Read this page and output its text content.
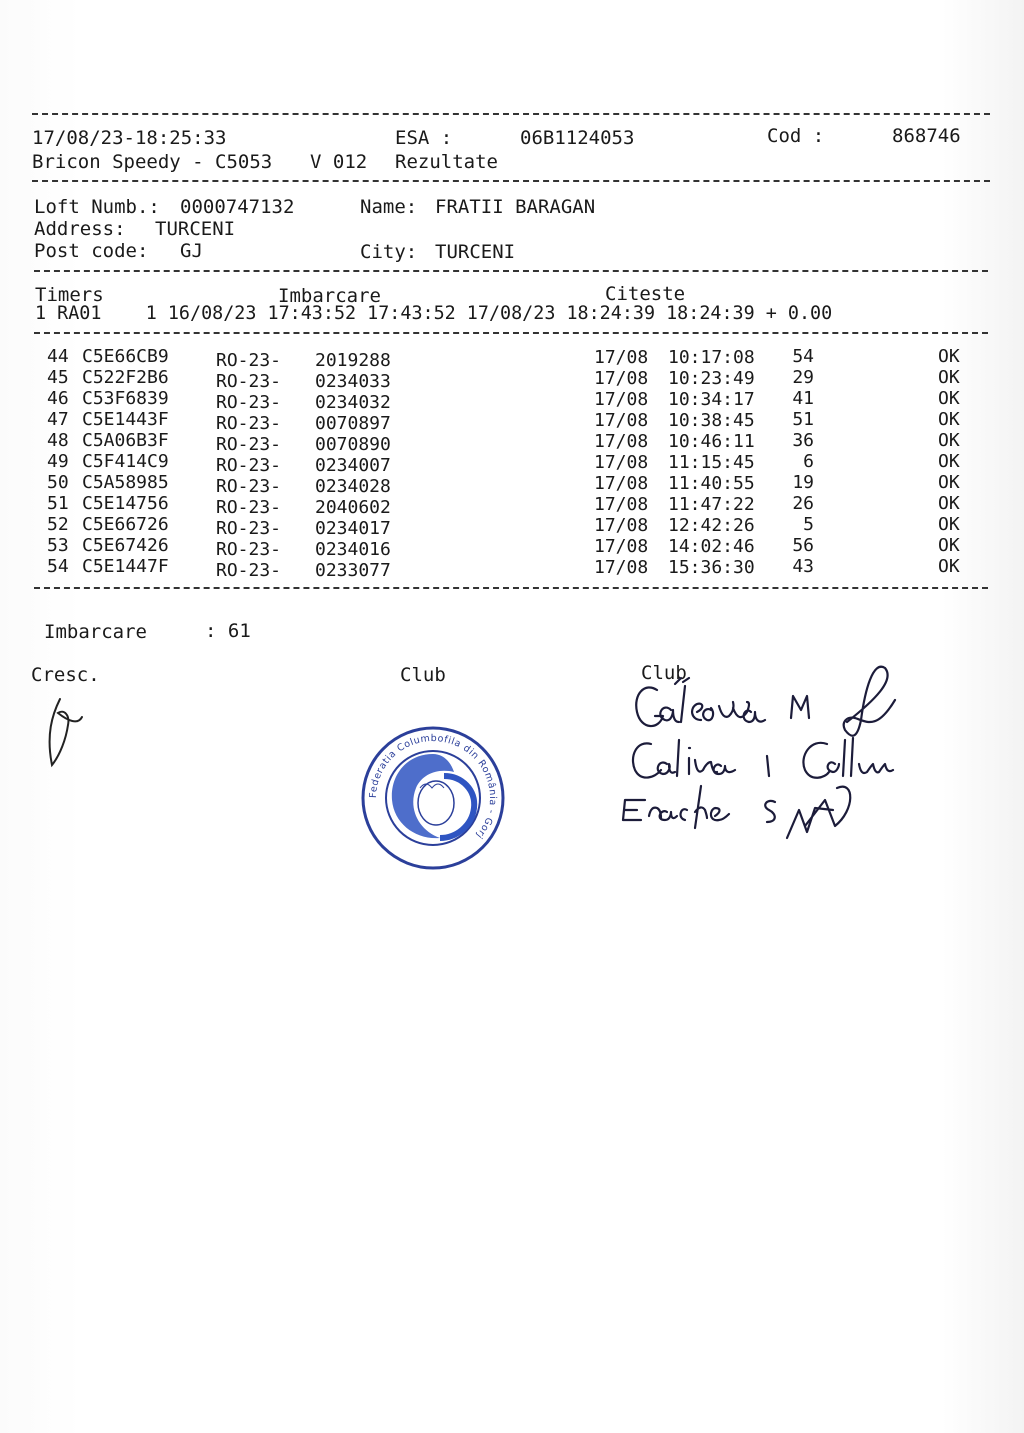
17/08/23-18:25:33	ESA :	06B1124053	Cod :	868746
Bricon Speedy - C5053 V 012 Rezultate
Loft Numb.: 0000747132	Name: FRATII BARAGAN
Address: TURCENI
Post code: GJ	City: TURCENI
Timers	Imbarcare	Citeste
1 RA01    1 16/08/23 17:43:52 17:43:52 17/08/23 18:24:39 18:24:39 + 0.00
44 C5E66CB9	RO-23- 2019288	17/08 10:17:08 54	OK
45 C522F2B6	RO-23- 0234033	17/08 10:23:49 29	OK
46 C53F6839	RO-23- 0234032	17/08 10:34:17 41	OK
47 C5E1443F	RO-23- 0070897	17/08 10:38:45 51	OK
48 C5A06B3F	RO-23- 0070890	17/08 10:46:11 36	OK
49 C5F414C9	RO-23- 0234007	17/08 11:15:45	6	OK
50 C5A58985	RO-23- 0234028	17/08 11:40:55 19	OK
51 C5E14756	RO-23- 2040602	17/08 11:47:22 26	OK
52 C5E66726	RO-23- 0234017	17/08 12:42:26	5	OK
53 C5E67426	RO-23- 0234016	17/08 14:02:46 56	OK
54 C5E1447F	RO-23- 0233077	17/08 15:36:30 43	OK
Imbarcare	: 61
Cresc.	Club	Club
Federatia Columbofila din România - Gorj
